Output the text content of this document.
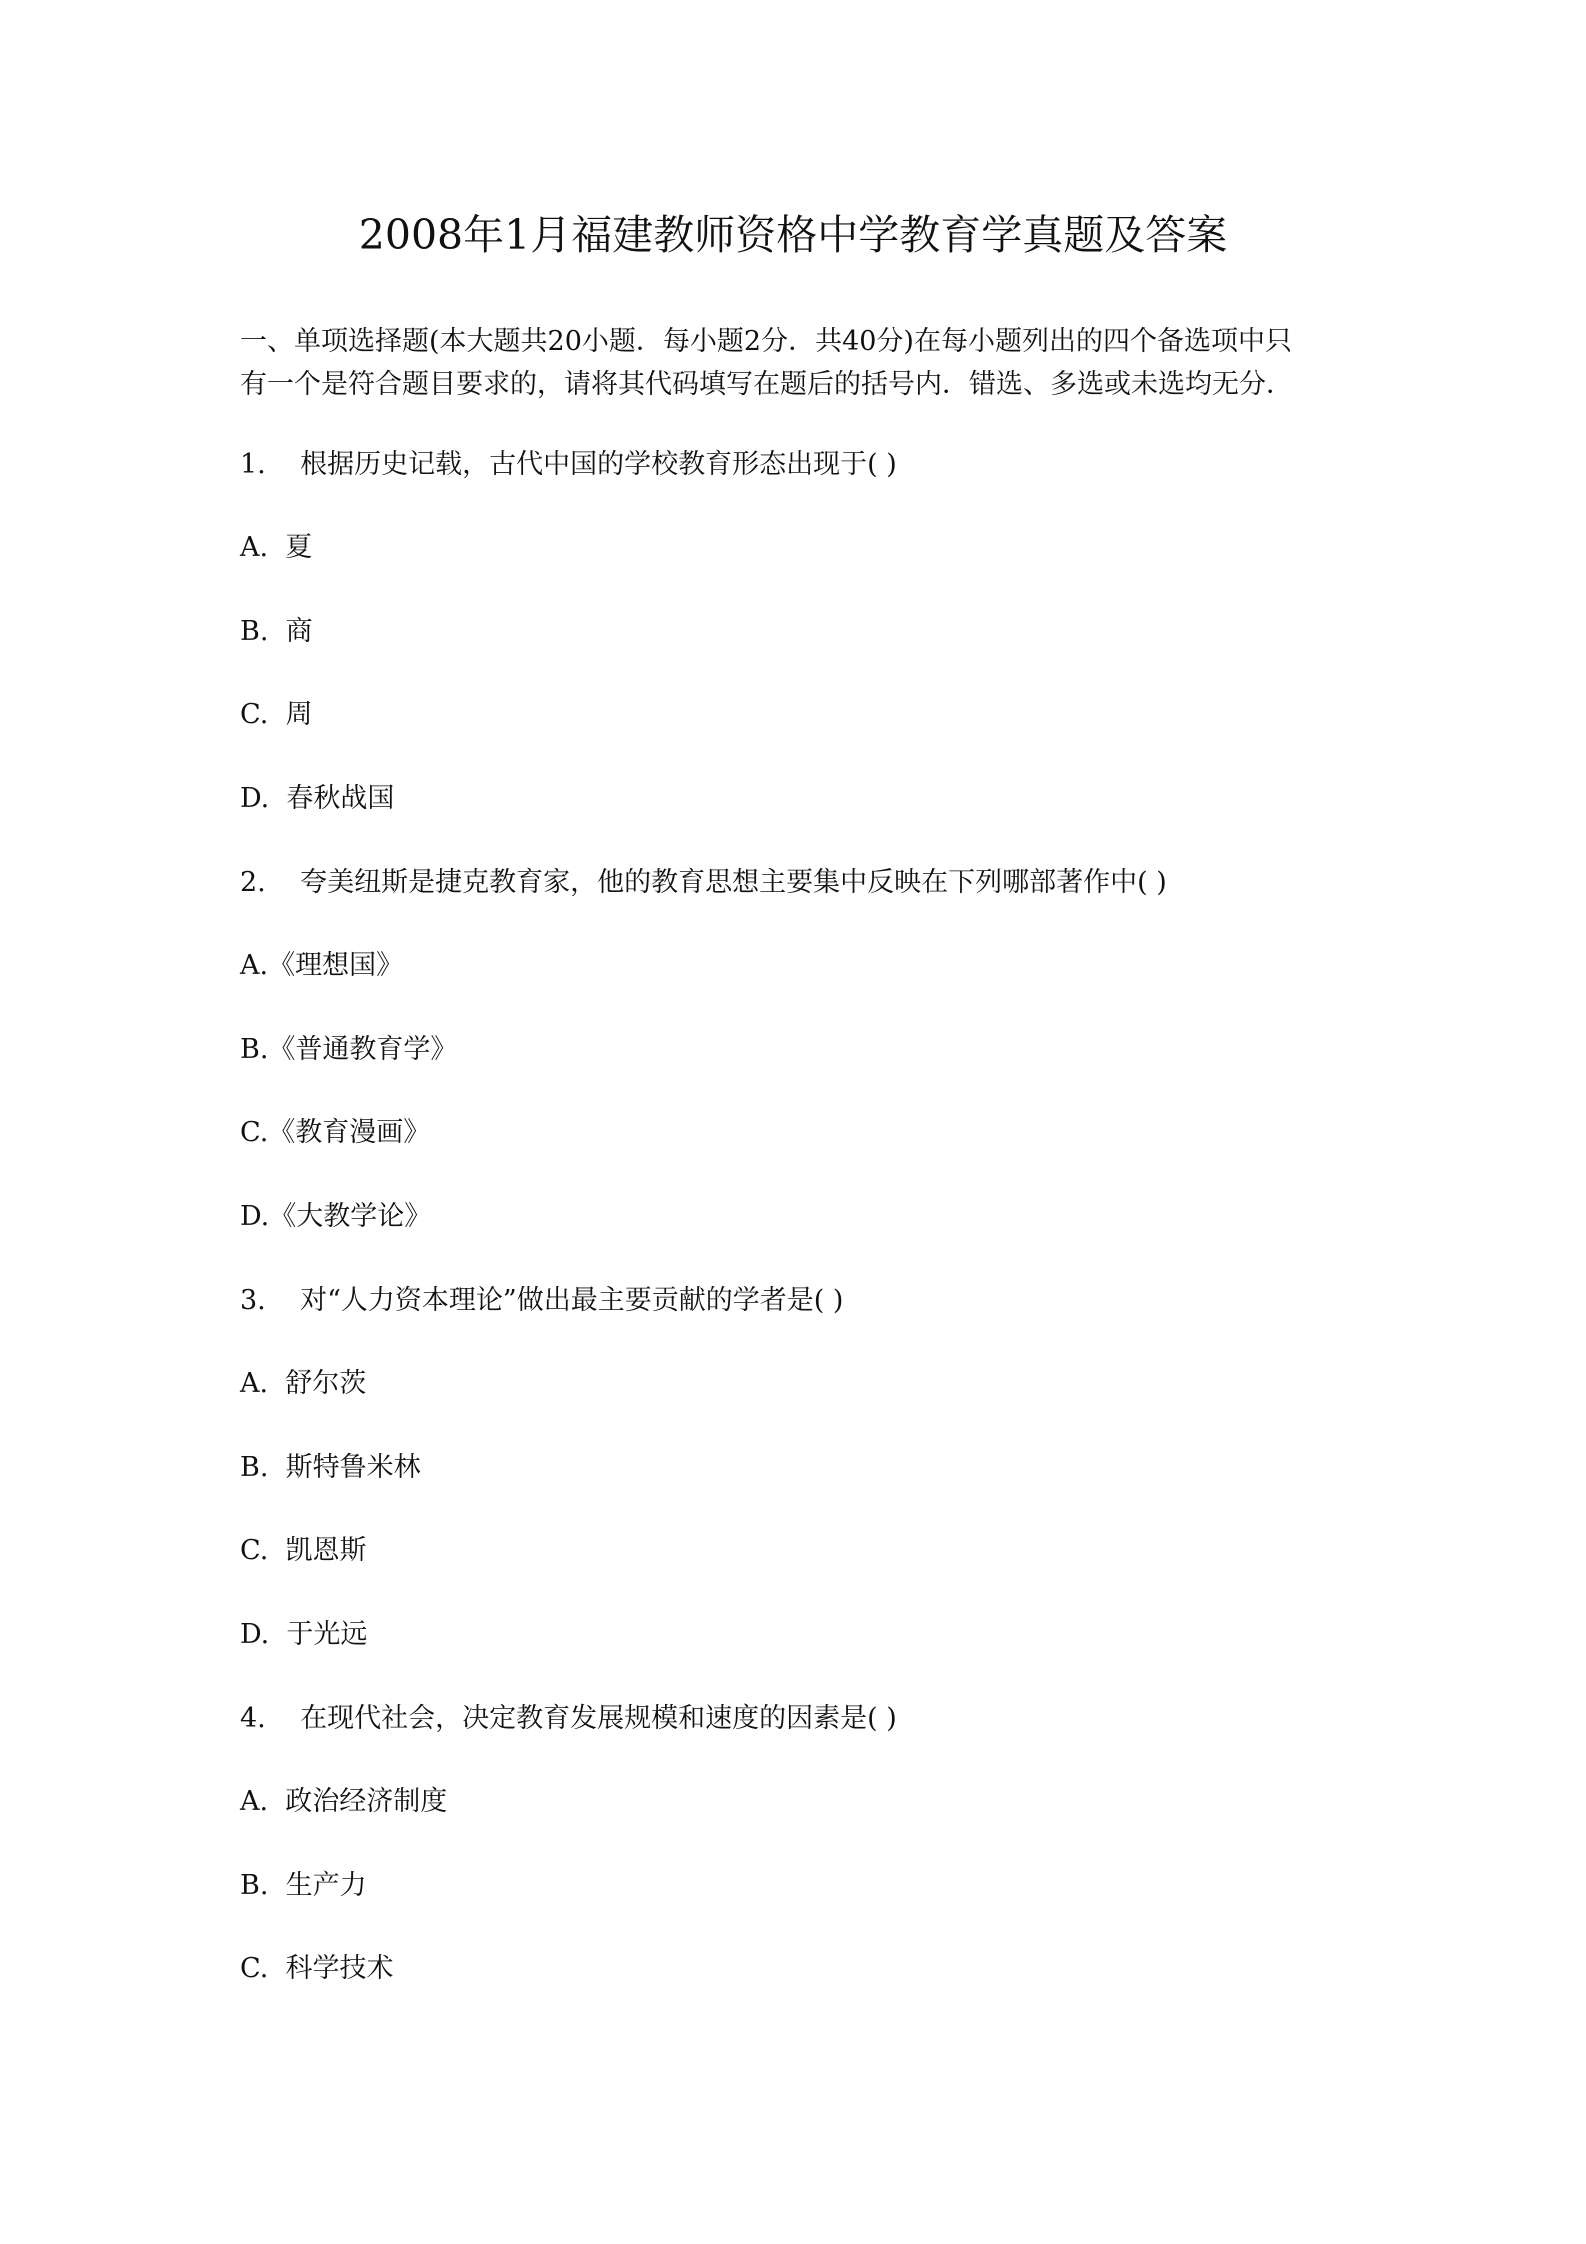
2008年1月福建教师资格中学教育学真题及答案

一、单项选择题(本大题共20小题．每小题2分．共40分)在每小题列出的四个备选项中只

有一个是符合题目要求的，请将其代码填写在题后的括号内．错选、多选或未选均无分．

1.    根据历史记载，古代中国的学校教育形态出现于( )
A.  夏
B.  商
C.  周
D.  春秋战国
2.    夸美纽斯是捷克教育家，他的教育思想主要集中反映在下列哪部著作中( )
A.《理想国》
B.《普通教育学》
C.《教育漫画》
D.《大教学论》
3.    对“人力资本理论”做出最主要贡献的学者是( )
A.  舒尔茨
B.  斯特鲁米林
C.  凯恩斯
D.  于光远
4.    在现代社会，决定教育发展规模和速度的因素是( )
A.  政治经济制度
B.  生产力
C.  科学技术
